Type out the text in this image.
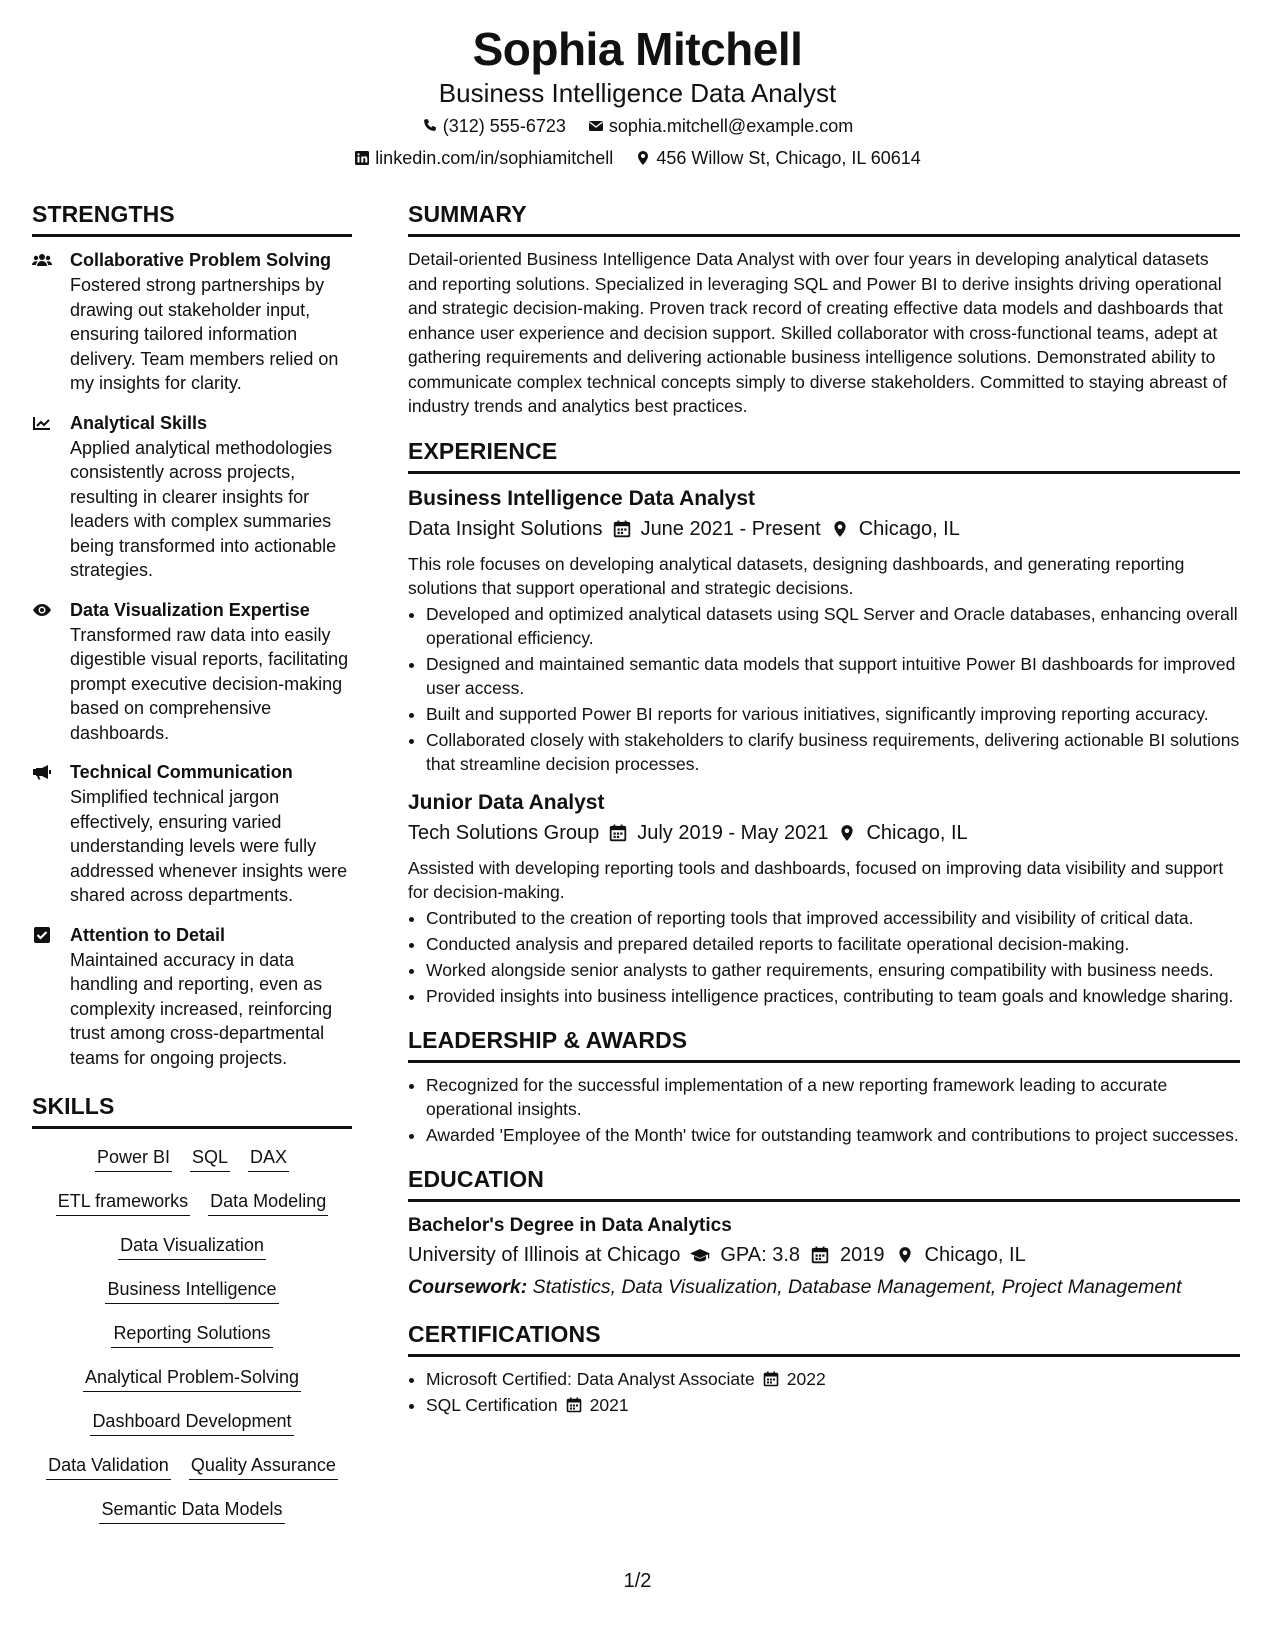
Sophia Mitchell
Business Intelligence Data Analyst
(312) 555-6723 sophia.mitchell@example.com
linkedin.com/in/sophiamitchell 456 Willow St, Chicago, IL 60614
STRENGTHS
Collaborative Problem Solving
Fostered strong partnerships by drawing out stakeholder input, ensuring tailored information delivery. Team members relied on my insights for clarity.
Analytical Skills
Applied analytical methodologies consistently across projects, resulting in clearer insights for leaders with complex summaries being transformed into actionable strategies.
Data Visualization Expertise
Transformed raw data into easily digestible visual reports, facilitating prompt executive decision-making based on comprehensive dashboards.
Technical Communication
Simplified technical jargon effectively, ensuring varied understanding levels were fully addressed whenever insights were shared across departments.
Attention to Detail
Maintained accuracy in data handling and reporting, even as complexity increased, reinforcing trust among cross-departmental teams for ongoing projects.
SKILLS
Power BI SQL DAX
ETL frameworks Data Modeling
Data Visualization
Business Intelligence
Reporting Solutions
Analytical Problem-Solving
Dashboard Development
Data Validation Quality Assurance
Semantic Data Models
SUMMARY
Detail-oriented Business Intelligence Data Analyst with over four years in developing analytical datasets and reporting solutions. Specialized in leveraging SQL and Power BI to derive insights driving operational and strategic decision-making. Proven track record of creating effective data models and dashboards that enhance user experience and decision support. Skilled collaborator with cross-functional teams, adept at gathering requirements and delivering actionable business intelligence solutions. Demonstrated ability to communicate complex technical concepts simply to diverse stakeholders. Committed to staying abreast of industry trends and analytics best practices.
EXPERIENCE
Business Intelligence Data Analyst
Data Insight Solutions June 2021 - Present Chicago, IL
This role focuses on developing analytical datasets, designing dashboards, and generating reporting solutions that support operational and strategic decisions.
• Developed and optimized analytical datasets using SQL Server and Oracle databases, enhancing overall operational efficiency.
• Designed and maintained semantic data models that support intuitive Power BI dashboards for improved user access.
• Built and supported Power BI reports for various initiatives, significantly improving reporting accuracy.
• Collaborated closely with stakeholders to clarify business requirements, delivering actionable BI solutions that streamline decision processes.
Junior Data Analyst
Tech Solutions Group July 2019 - May 2021 Chicago, IL
Assisted with developing reporting tools and dashboards, focused on improving data visibility and support for decision-making.
• Contributed to the creation of reporting tools that improved accessibility and visibility of critical data.
• Conducted analysis and prepared detailed reports to facilitate operational decision-making.
• Worked alongside senior analysts to gather requirements, ensuring compatibility with business needs.
• Provided insights into business intelligence practices, contributing to team goals and knowledge sharing.
LEADERSHIP & AWARDS
• Recognized for the successful implementation of a new reporting framework leading to accurate operational insights.
• Awarded 'Employee of the Month' twice for outstanding teamwork and contributions to project successes.
EDUCATION
Bachelor's Degree in Data Analytics
University of Illinois at Chicago GPA: 3.8 2019 Chicago, IL
Coursework: Statistics, Data Visualization, Database Management, Project Management
CERTIFICATIONS
• Microsoft Certified: Data Analyst Associate 2022
• SQL Certification 2021
1/2
